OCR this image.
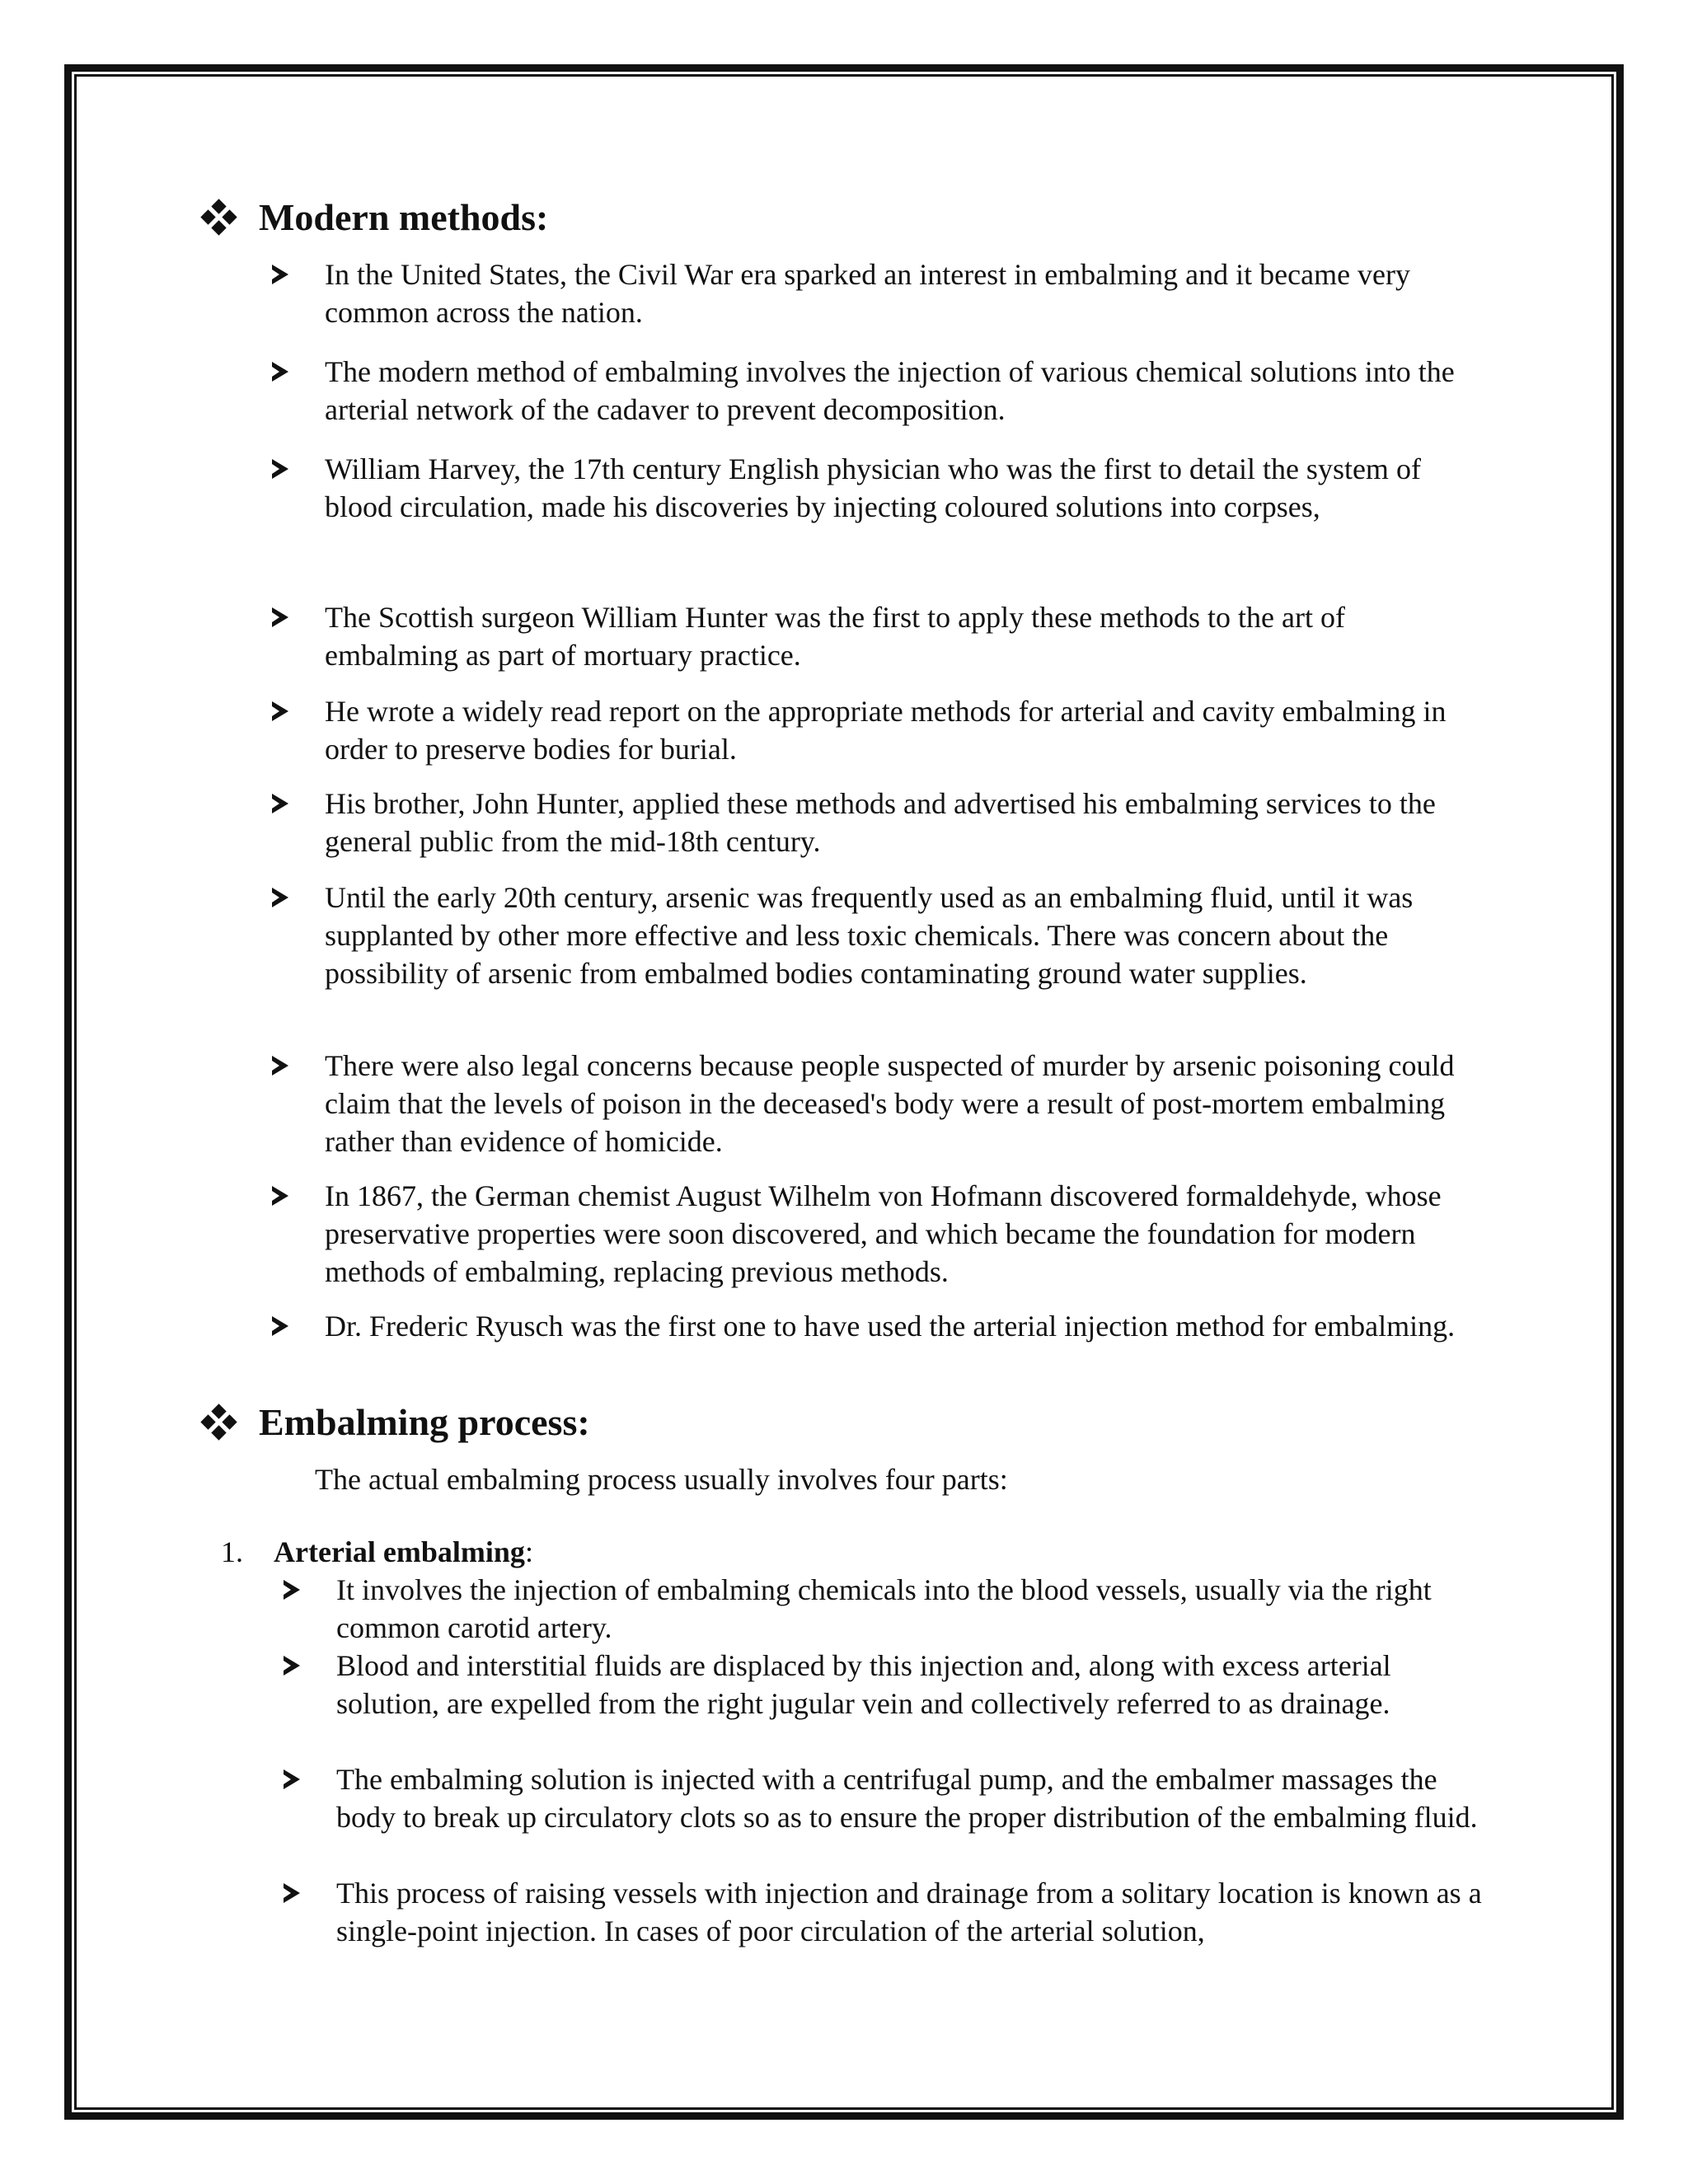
Modern methods:
In the United States, the Civil War era sparked an interest in embalming and it became very common across the nation.
The modern method of embalming involves the injection of various chemical solutions into the arterial network of the cadaver to prevent decomposition.
William Harvey, the 17th century English physician who was the first to detail the system of blood circulation, made his discoveries by injecting coloured solutions into corpses,
The Scottish surgeon William Hunter was the first to apply these methods to the art of embalming as part of mortuary practice.
He wrote a widely read report on the appropriate methods for arterial and cavity embalming in order to preserve bodies for burial.
His brother, John Hunter, applied these methods and advertised his embalming services to the general public from the mid-18th century.
Until the early 20th century, arsenic was frequently used as an embalming fluid, until it was supplanted by other more effective and less toxic chemicals. There was concern about the possibility of arsenic from embalmed bodies contaminating ground water supplies.
There were also legal concerns because people suspected of murder by arsenic poisoning could claim that the levels of poison in the deceased's body were a result of post-mortem embalming rather than evidence of homicide.
In 1867, the German chemist August Wilhelm von Hofmann discovered formaldehyde, whose preservative properties were soon discovered, and which became the foundation for modern methods of embalming, replacing previous methods.
Dr. Frederic Ryusch was the first one to have used the arterial injection method for embalming.
Embalming process:
The actual embalming process usually involves four parts:
1. Arterial embalming:
It involves the injection of embalming chemicals into the blood vessels, usually via the right common carotid artery.
Blood and interstitial fluids are displaced by this injection and, along with excess arterial solution, are expelled from the right jugular vein and collectively referred to as drainage.
The embalming solution is injected with a centrifugal pump, and the embalmer massages the body to break up circulatory clots so as to ensure the proper distribution of the embalming fluid.
This process of raising vessels with injection and drainage from a solitary location is known as a single-point injection. In cases of poor circulation of the arterial solution,
